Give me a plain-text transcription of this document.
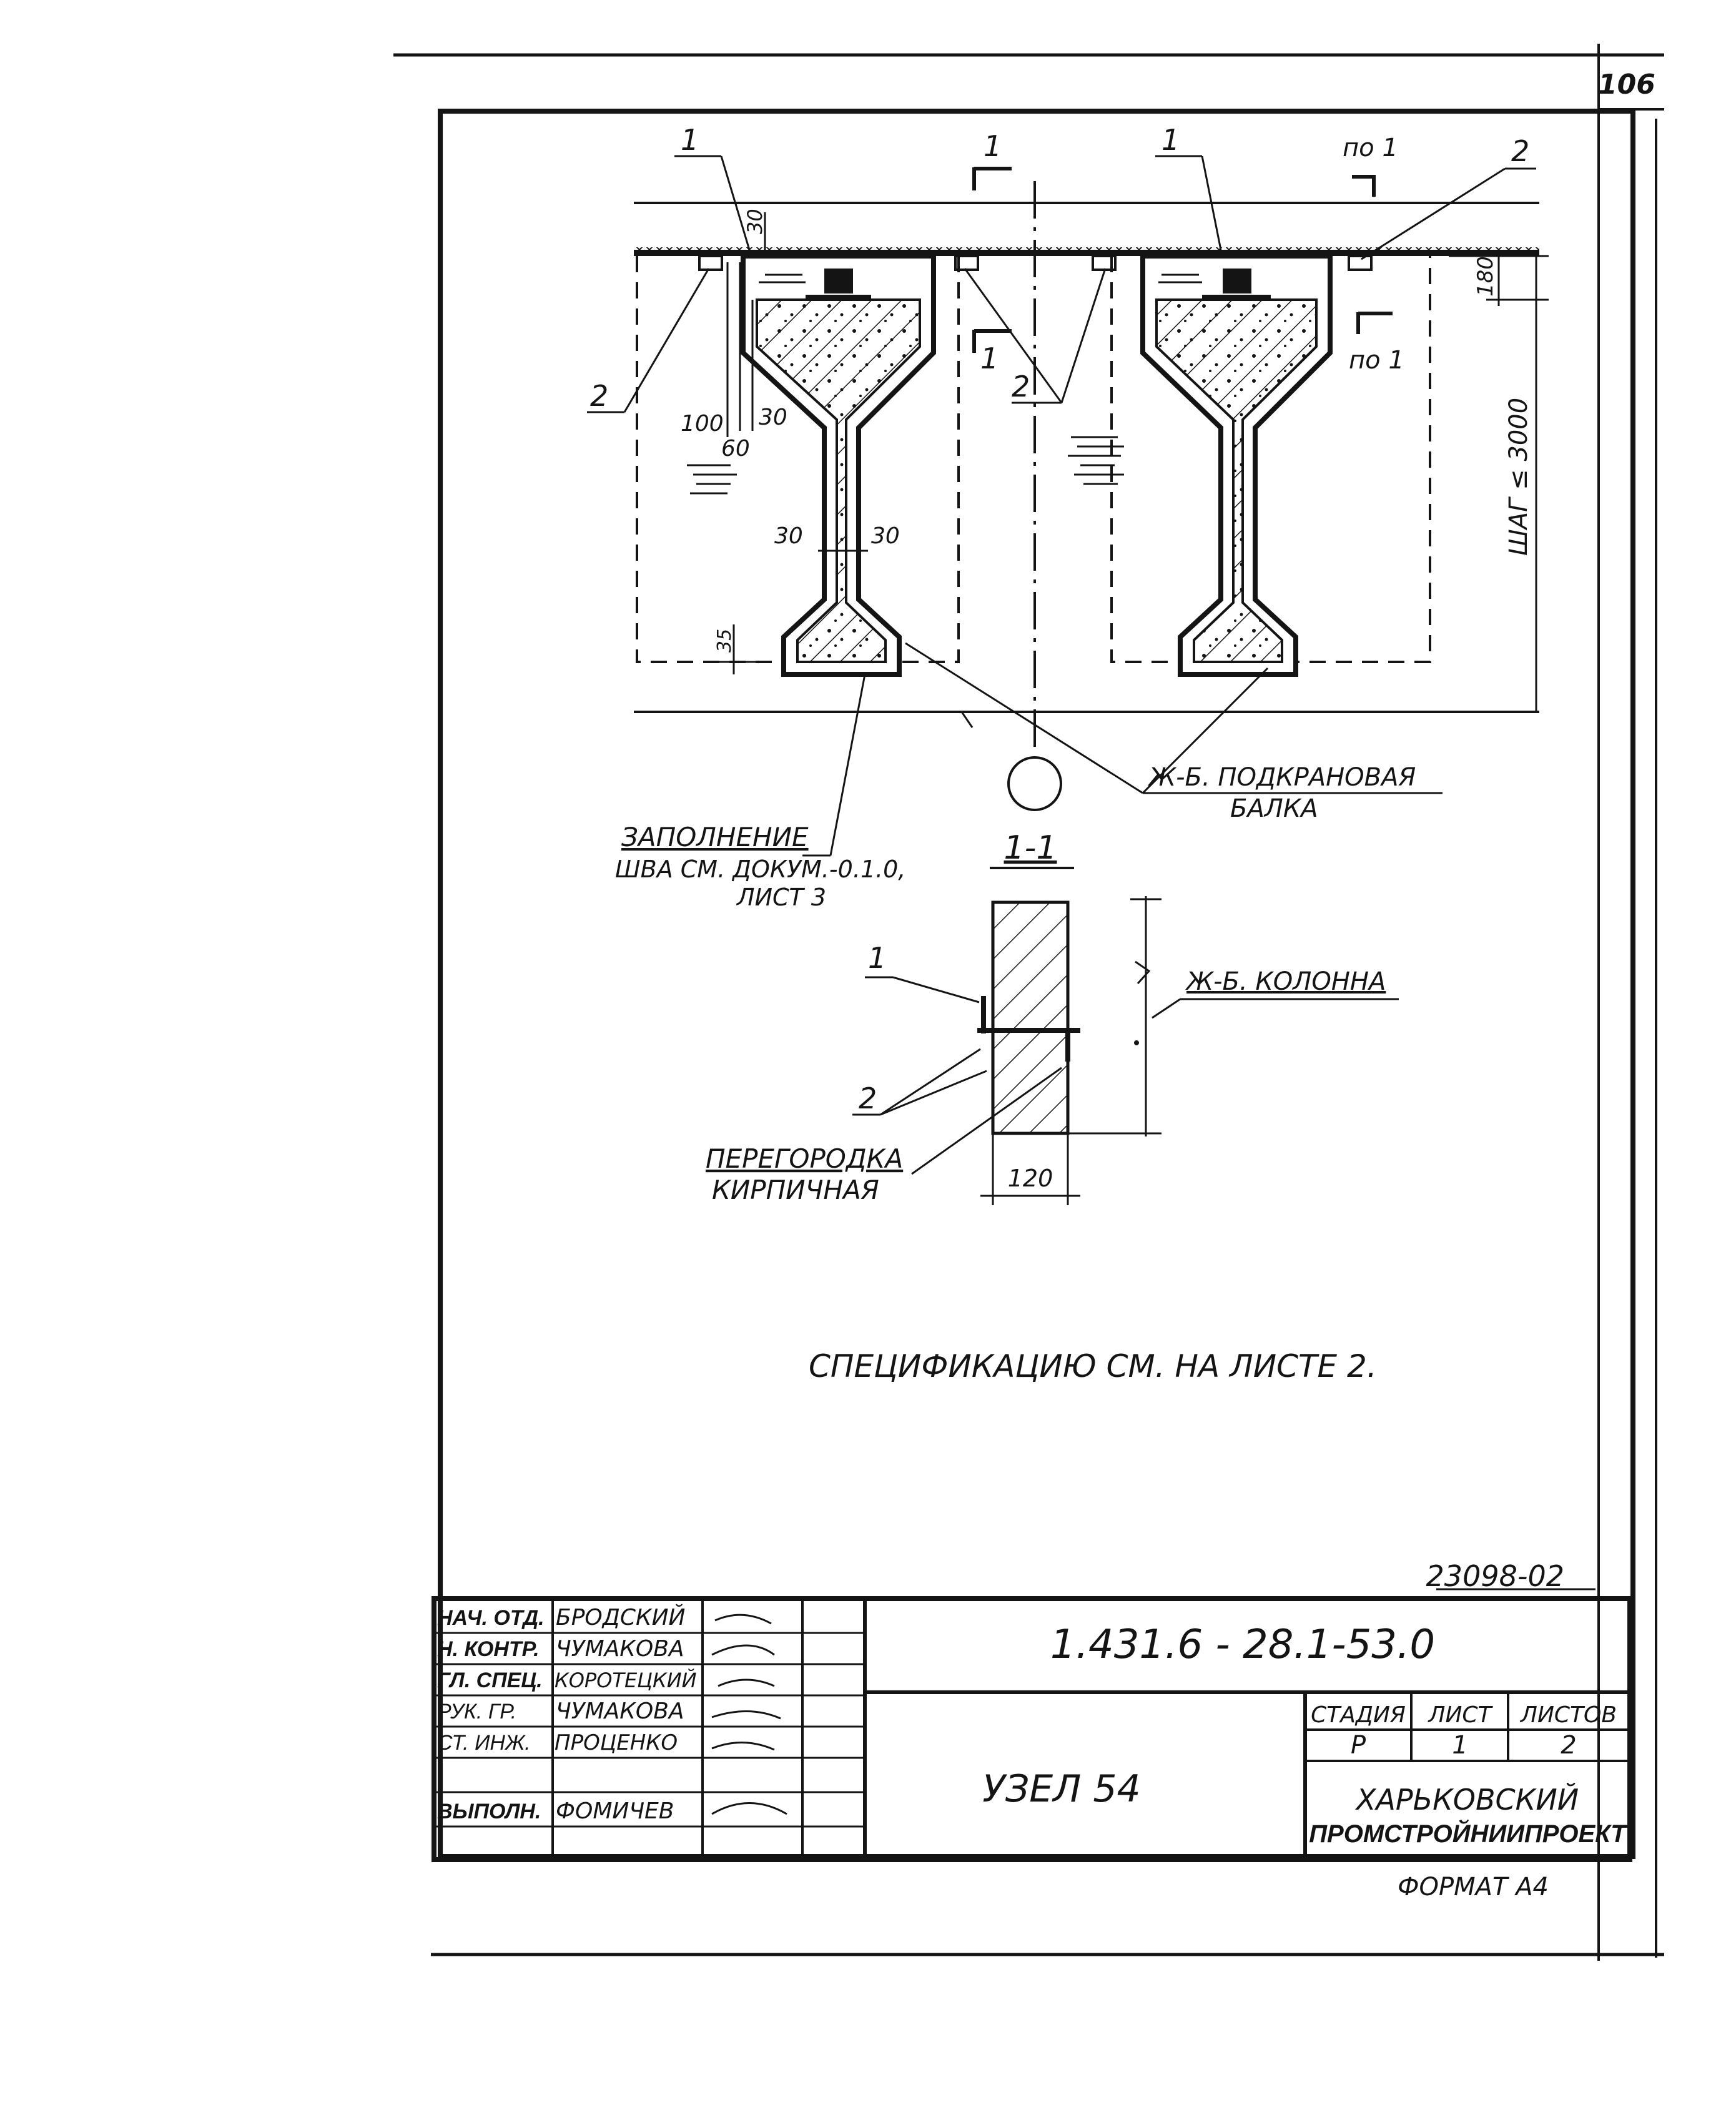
106
1	1	2
2	2
1
1
по 1
по 1
30
180
100
60
30
30	30
35
ШАГ ≤ 3000
Ж-Б. ПОДКРАНОВАЯ
БАЛКА
ЗАПОЛНЕНИЕ
ШВА СМ. ДОКУМ.-0.1.0,
ЛИСТ 3
1-1
1
2
Ж-Б. КОЛОННА
ПЕРЕГОРОДКА
КИРПИЧНАЯ	120
СПЕЦИФИКАЦИЮ СМ. НА ЛИСТЕ 2.
23098-02
НАЧ. ОТД. БРОДСКИЙ
Н. КОНТР. ЧУМАКОВА
ГЛ. СПЕЦ. КОРОТЕЦКИЙ
РУК. ГР. ЧУМАКОВА
СТ. ИНЖ. ПРОЦЕНКО
ВЫПОЛН. ФОМИЧЕВ
1.431.6 - 28.1-53.0
УЗЕЛ 54
СТАДИЯ ЛИСТ ЛИСТОВ
Р	1	2
ХАРЬКОВСКИЙ
ПРОМСТРОЙНИИПРОЕКТ
ФОРМАТ А4
